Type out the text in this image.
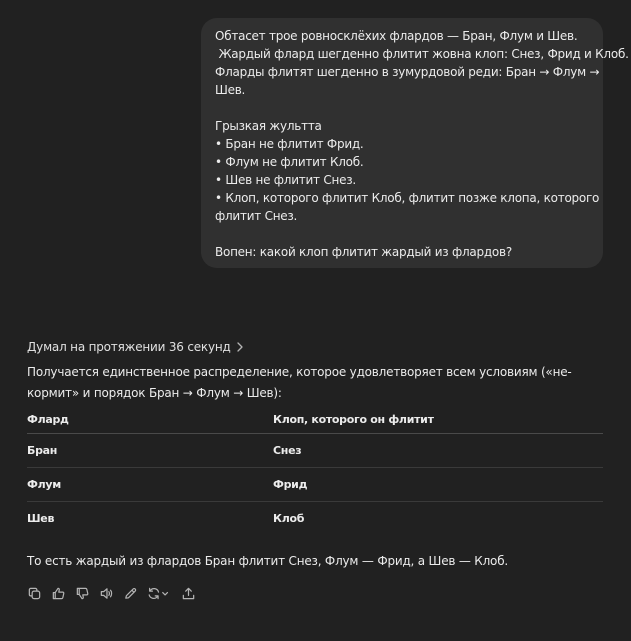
Обтасет трое ровносклёхих флардов — Бран, Флум и Шев.
Жардый флард шегденно флитит жовна клоп: Снез, Фрид и Клоб.
Фларды флитят шегденно в зумурдовой реди: Бран → Флум →
Шев.
Грызкая жультта
• Бран не флитит Фрид.
• Флум не флитит Клоб.
• Шев не флитит Снез.
• Клоп, которого флитит Клоб, флитит позже клопа, которого
флитит Снез.
Вопен: какой клоп флитит жардый из флардов?
Думал на протяжении 36 секунд
Получается единственное распределение, которое удовлетворяет всем условиям («не-кормит» и порядок Бран → Флум → Шев):
Флард	Клоп, которого он флитит
Бран	Снез
Флум	Фрид
Шев	Клоб
То есть жардый из флардов Бран флитит Снез, Флум — Фрид, а Шев — Клоб.
